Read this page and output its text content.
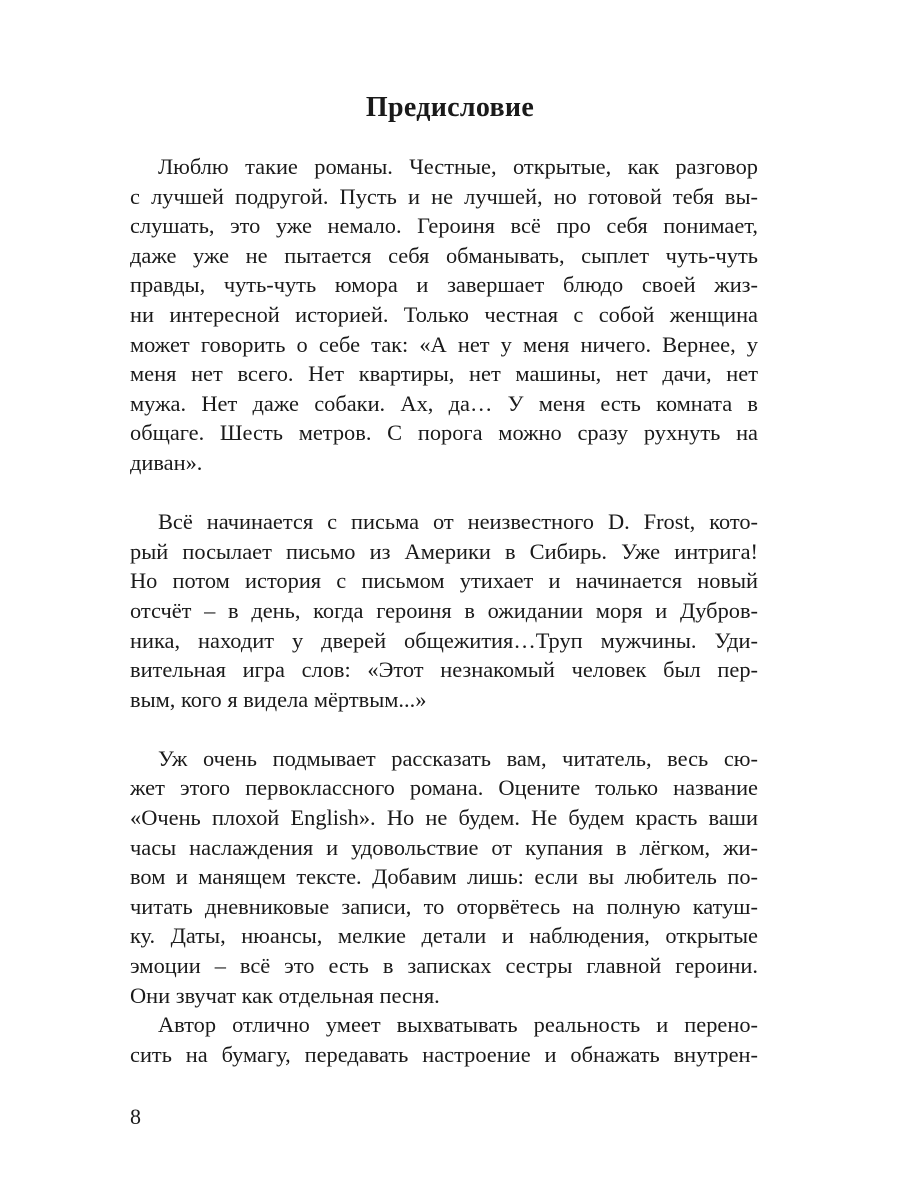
Предисловие
Люблю такие романы. Честные, открытые, как разговор
с лучшей подругой. Пусть и не лучшей, но готовой тебя вы-
слушать, это уже немало. Героиня всё про себя понимает,
даже уже не пытается себя обманывать, сыплет чуть-чуть
правды, чуть-чуть юмора и завершает блюдо своей жиз-
ни интересной историей. Только честная с собой женщина
может говорить о себе так: «А нет у меня ничего. Вернее, у
меня нет всего. Нет квартиры, нет машины, нет дачи, нет
мужа. Нет даже собаки. Ах, да… У меня есть комната в
общаге. Шесть метров. С порога можно сразу рухнуть на
диван».
Всё начинается с письма от неизвестного D. Frost, кото-
рый посылает письмо из Америки в Сибирь. Уже интрига!
Но потом история с письмом утихает и начинается новый
отсчёт – в день, когда героиня в ожидании моря и Дубров-
ника, находит у дверей общежития…Труп мужчины. Уди-
вительная игра слов: «Этот незнакомый человек был пер-
вым, кого я видела мёртвым...»
Уж очень подмывает рассказать вам, читатель, весь сю-
жет этого первоклассного романа. Оцените только название
«Очень плохой English». Но не будем. Не будем красть ваши
часы наслаждения и удовольствие от купания в лёгком, жи-
вом и манящем тексте. Добавим лишь: если вы любитель по-
читать дневниковые записи, то оторвётесь на полную катуш-
ку. Даты, нюансы, мелкие детали и наблюдения, открытые
эмоции – всё это есть в записках сестры главной героини.
Они звучат как отдельная песня.
Автор отлично умеет выхватывать реальность и перено-
сить на бумагу, передавать настроение и обнажать внутрен-
8
